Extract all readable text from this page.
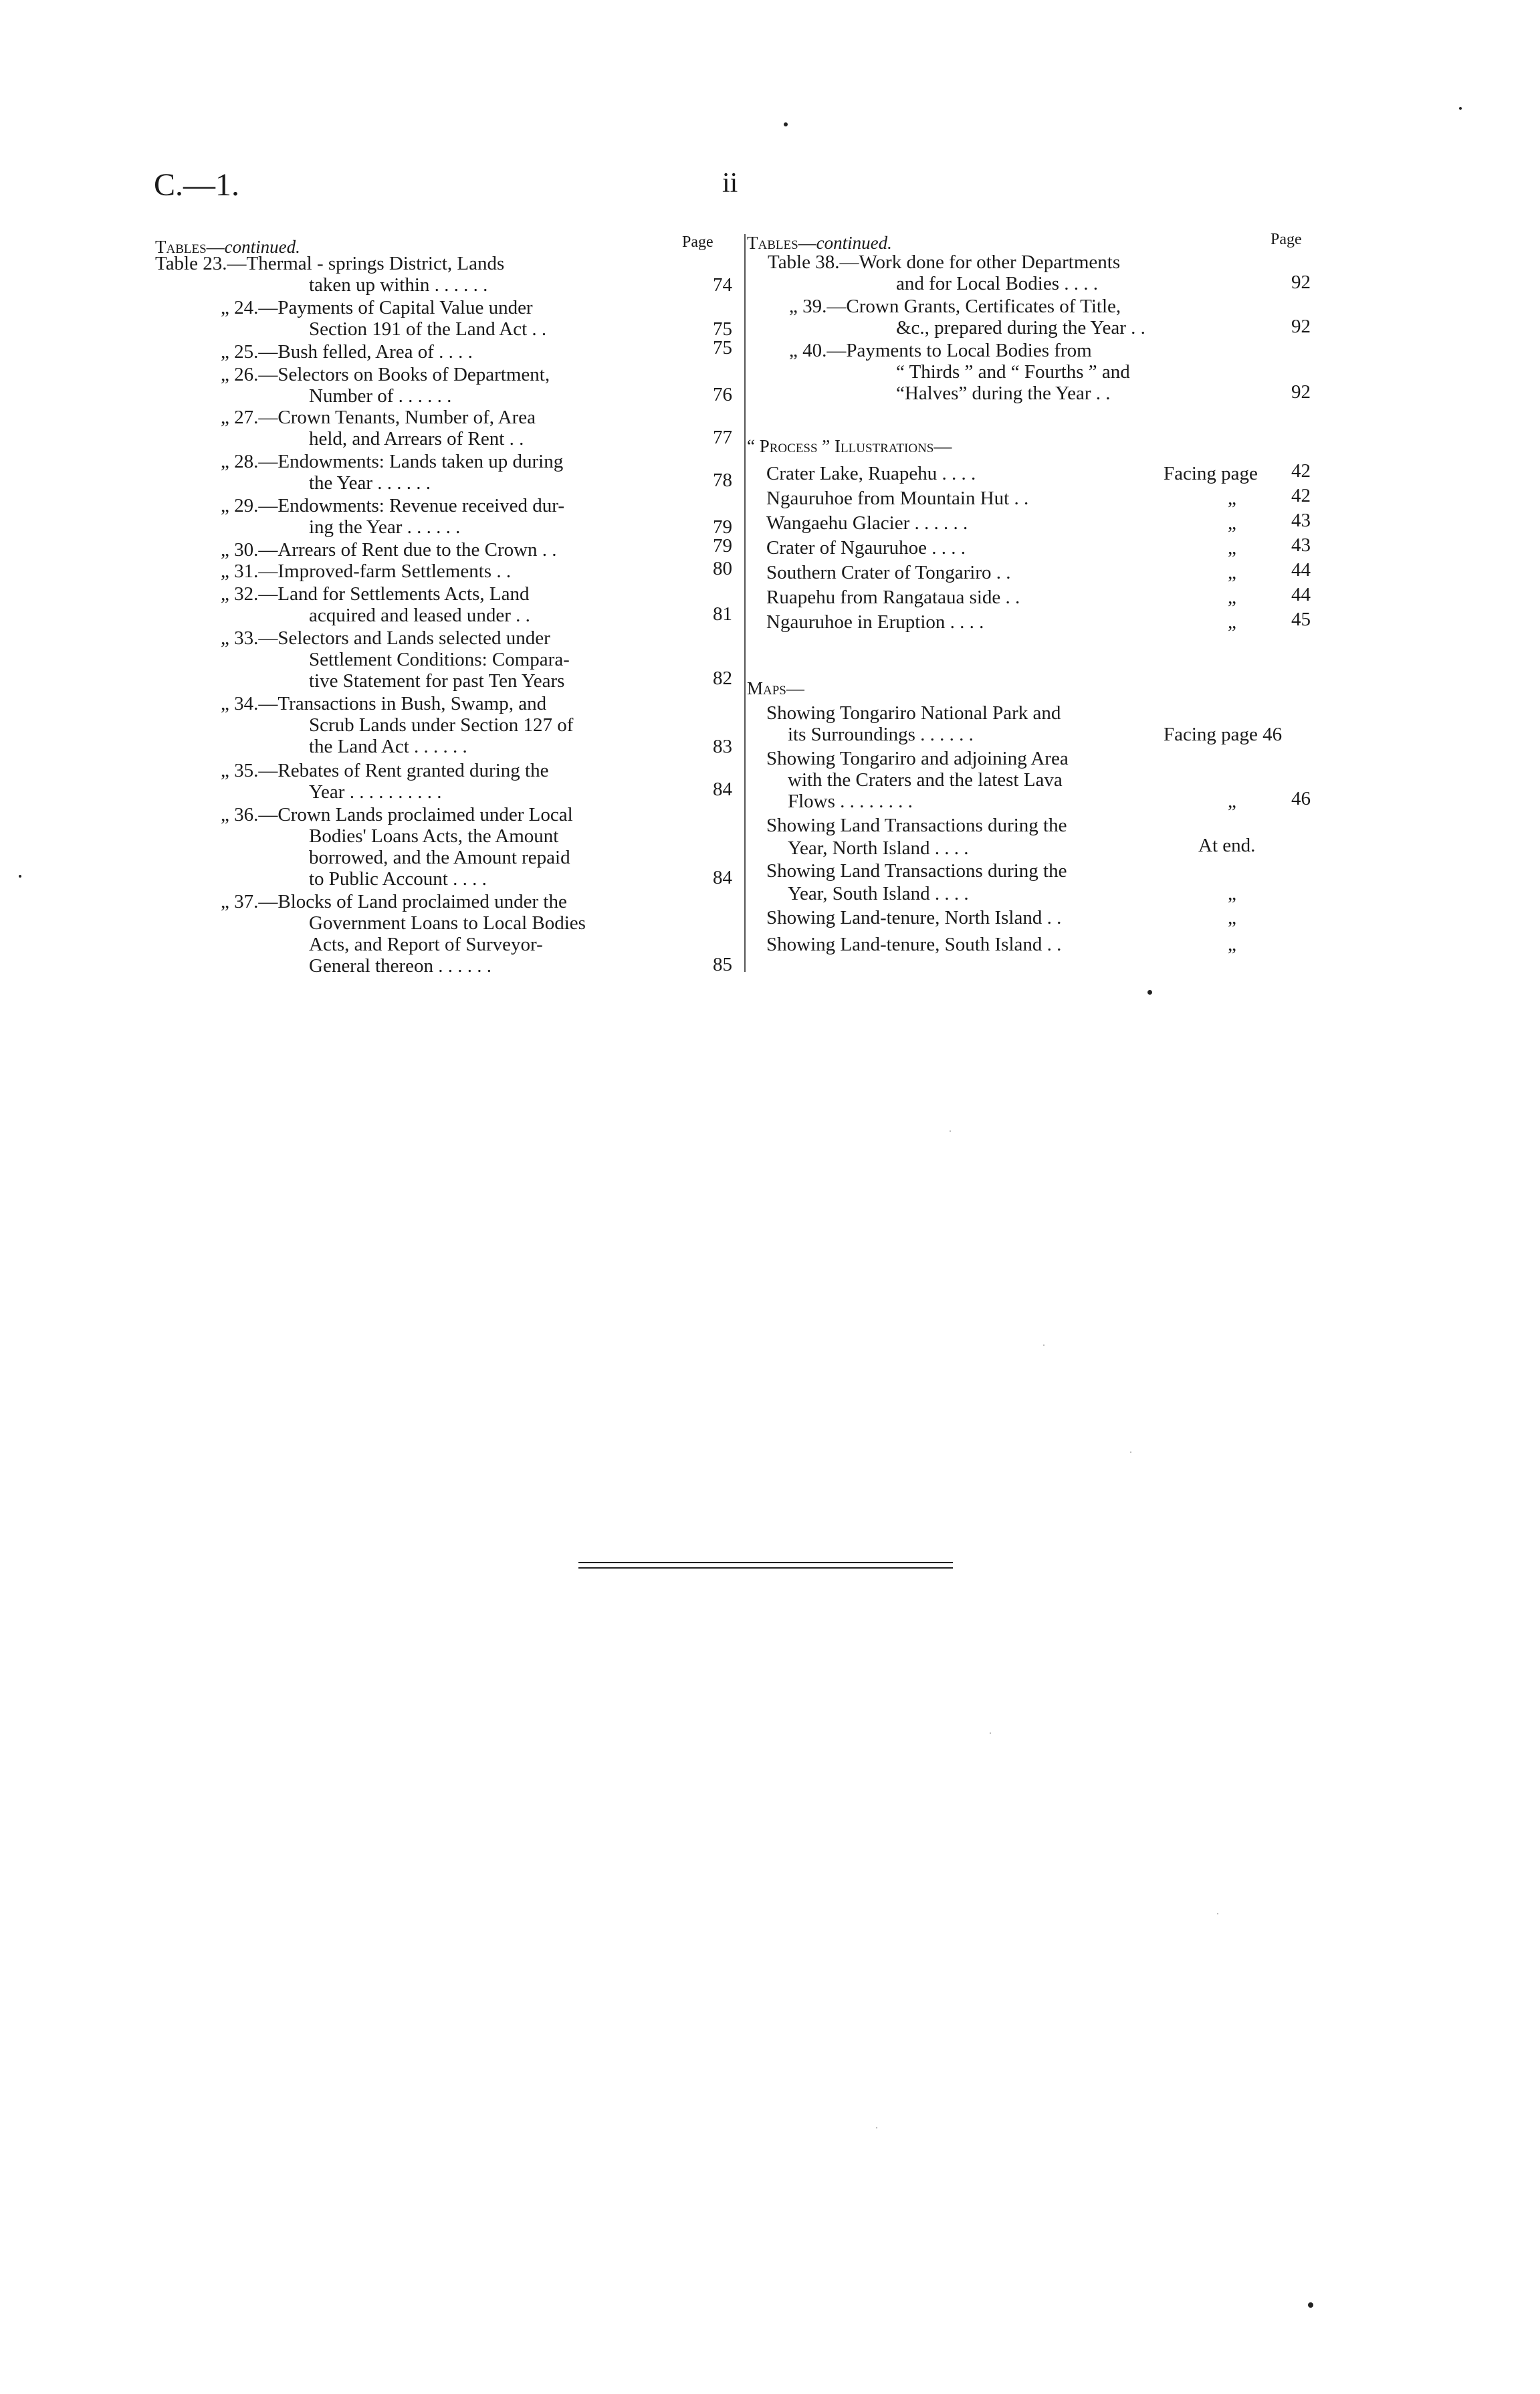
C.—1.	ii
Tables—continued.	Page
Table 23.—Thermal - springs District, Lands
taken up within . . . . . .	74
„ 24.—Payments of Capital Value under
Section 191 of the Land Act . .	75
„ 25.—Bush felled, Area of . . . .	75
„ 26.—Selectors on Books of Department,
Number of . . . . . .	76
„ 27.—Crown Tenants, Number of, Area
held, and Arrears of Rent . .	77
„ 28.—Endowments: Lands taken up during
the Year . . . . . .	78
„ 29.—Endowments: Revenue received dur-
ing the Year . . . . . .	79
„ 30.—Arrears of Rent due to the Crown . .	79
„ 31.—Improved-farm Settlements . .	80
„ 32.—Land for Settlements Acts, Land
acquired and leased under . .	81
„ 33.—Selectors and Lands selected under
Settlement Conditions: Compara-
tive Statement for past Ten Years	82
„ 34.—Transactions in Bush, Swamp, and
Scrub Lands under Section 127 of
the Land Act . . . . . .	83
„ 35.—Rebates of Rent granted during the
Year . . . . . . . . . .	84
„ 36.—Crown Lands proclaimed under Local
Bodies' Loans Acts, the Amount
borrowed, and the Amount repaid
to Public Account . . . .	84
„ 37.—Blocks of Land proclaimed under the
Government Loans to Local Bodies
Acts, and Report of Surveyor-
General thereon . . . . . .	85
Tables—continued.	Page
Table 38.—Work done for other Departments
and for Local Bodies . . . .	92
„ 39.—Crown Grants, Certificates of Title,
&c., prepared during the Year . .	92
„ 40.—Payments to Local Bodies from
“ Thirds ” and “ Fourths ” and
“Halves” during the Year . .	92
“ Process ” Illustrations—
Crater Lake, Ruapehu . . . .	Facing page	42
Ngauruhoe from Mountain Hut . .	„	42
Wangaehu Glacier . . . . . .	„	43
Crater of Ngauruhoe . . . .	„	43
Southern Crater of Tongariro . .	„	44
Ruapehu from Rangataua side . .	„	44
Ngauruhoe in Eruption . . . .	„	45
Maps—
Showing Tongariro National Park and
its Surroundings . . . . . .	Facing page 46
Showing Tongariro and adjoining Area
with the Craters and the latest Lava
Flows . . . . . . . .	„	46
Showing Land Transactions during the
Year, North Island . . . .	At end.
Showing Land Transactions during the
Year, South Island . . . .	„
Showing Land-tenure, North Island . .	„
Showing Land-tenure, South Island . .	„
